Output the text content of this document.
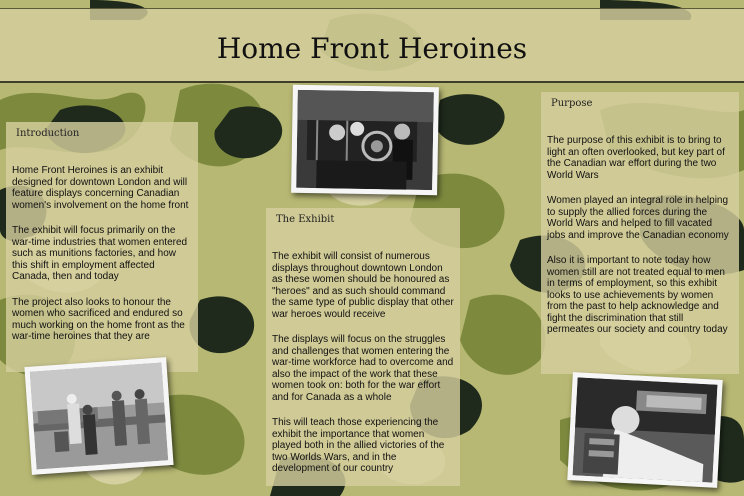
Home Front Heroines
Introduction

Home Front Heroines is an exhibit designed for downtown London and will feature displays concerning Canadian women's involvement on the home front

The exhibit will focus primarily on the war-time industries that women entered such as munitions factories, and how this shift in employment affected Canada, then and today

The project also looks to honour the women who sacrificed and endured so much working on the home front as the war-time heroines that they are

The Exhibit

The exhibit will consist of numerous displays throughout downtown London as these women should be honoured as "heroes" and as such should command the same type of public display that other war heroes would receive

The displays will focus on the struggles and challenges that women entering the war-time workforce had to overcome and also the impact of the work that these women took on: both for the war effort and for Canada as a whole

This will teach those experiencing the exhibit the importance that women played both in the allied victories of the two Worlds Wars, and in the development of our country

Purpose

The purpose of this exhibit is to bring to light an often overlooked, but key part of the Canadian war effort during the two World Wars

Women played an integral role in helping to supply the allied forces during the World Wars and helped to fill vacated jobs and improve the Canadian economy

Also it is important to note today how women still are not treated equal to men in terms of employment, so this exhibit looks to use achievements by women from the past to help acknowledge and fight the discrimination that still permeates our society and country today
